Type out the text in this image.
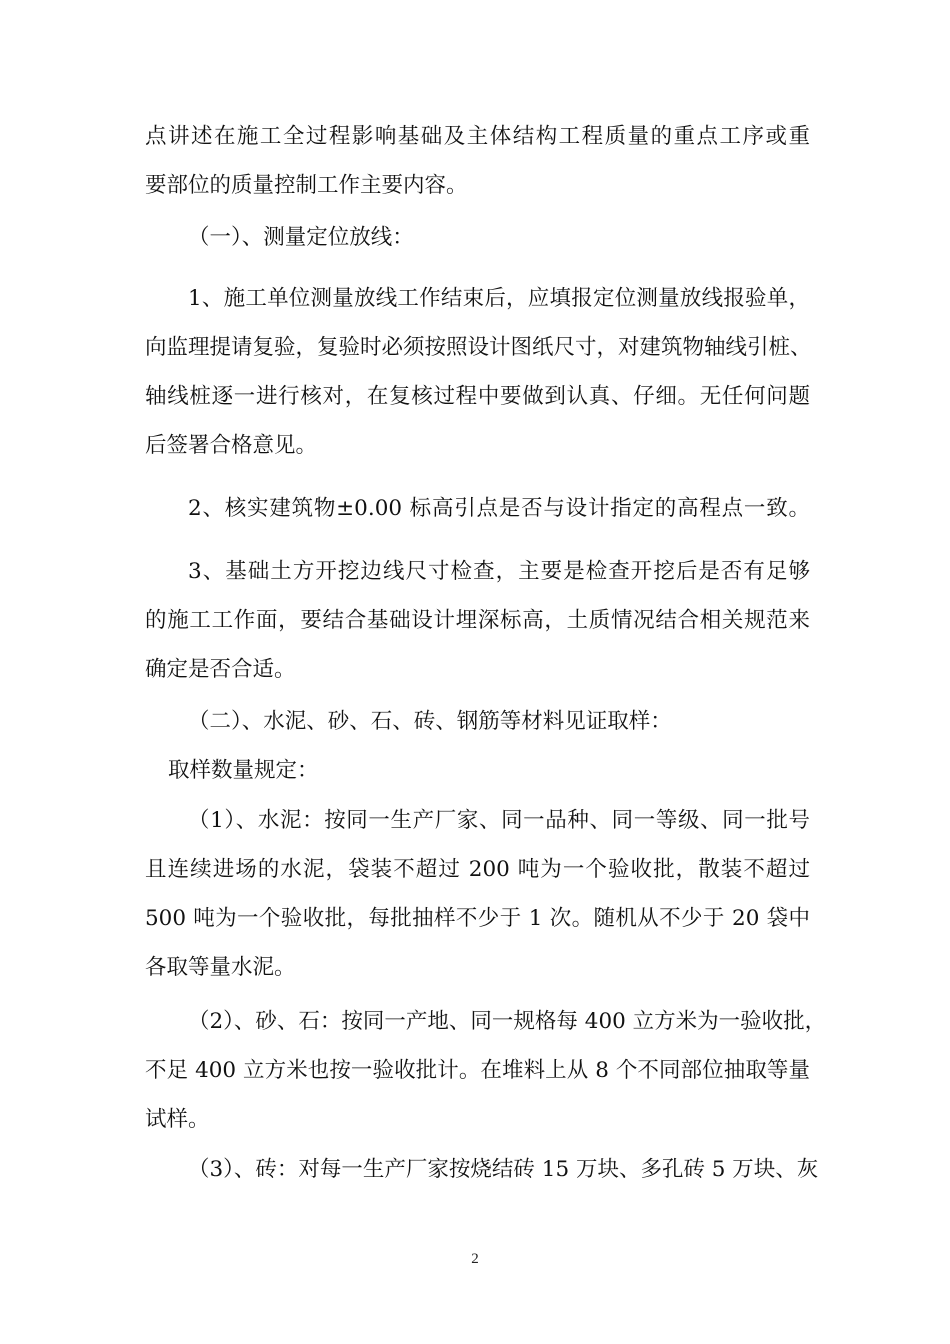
点讲述在施工全过程影响基础及主体结构工程质量的重点工序或重
要部位的质量控制工作主要内容。
（一）、测量定位放线：
1、施工单位测量放线工作结束后，应填报定位测量放线报验单，
向监理提请复验，复验时必须按照设计图纸尺寸，对建筑物轴线引桩、
轴线桩逐一进行核对，在复核过程中要做到认真、仔细。无任何问题
后签署合格意见。
2、核实建筑物±0.00 标高引点是否与设计指定的高程点一致。
3、基础土方开挖边线尺寸检查，主要是检查开挖后是否有足够
的施工工作面，要结合基础设计埋深标高，土质情况结合相关规范来
确定是否合适。
（二）、水泥、砂、石、砖、钢筋等材料见证取样：
取样数量规定：
（1）、水泥：按同一生产厂家、同一品种、同一等级、同一批号
且连续进场的水泥，袋装不超过 200 吨为一个验收批，散装不超过
500 吨为一个验收批，每批抽样不少于 1 次。随机从不少于 20 袋中
各取等量水泥。
（2）、砂、石：按同一产地、同一规格每 400 立方米为一验收批，
不足 400 立方米也按一验收批计。在堆料上从 8 个不同部位抽取等量
试样。
（3）、砖：对每一生产厂家按烧结砖 15 万块、多孔砖 5 万块、灰
2
